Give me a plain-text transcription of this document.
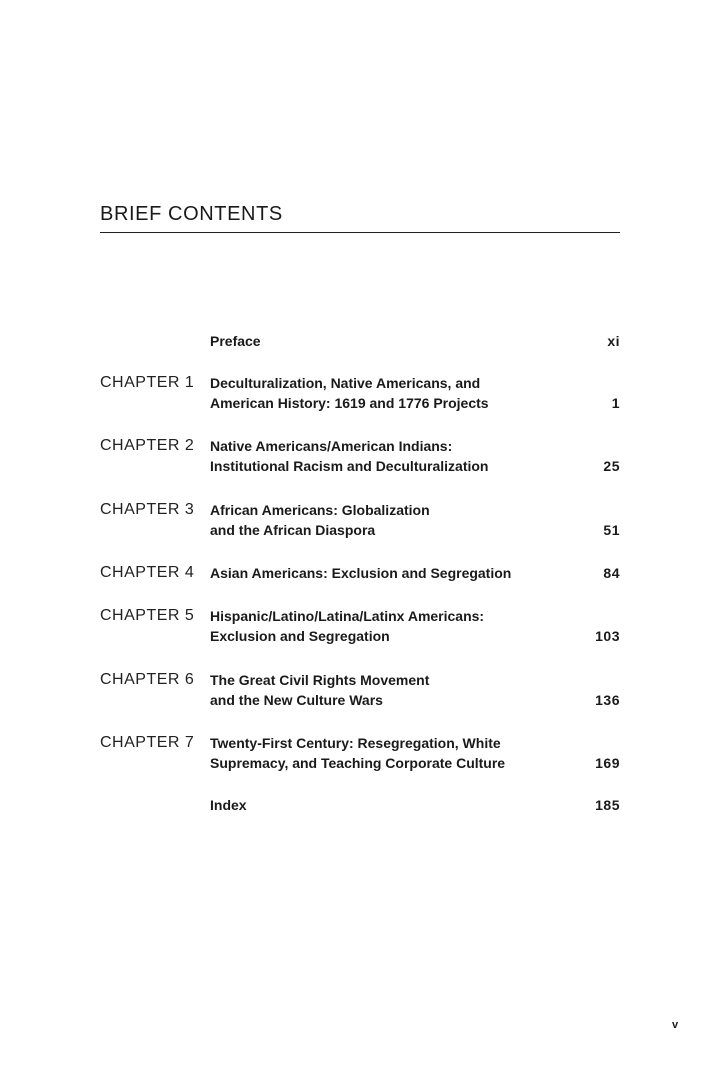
BRIEF CONTENTS
Preface	xi
CHAPTER 1 Deculturalization, Native Americans, and
American History: 1619 and 1776 Projects	1
CHAPTER 2 Native Americans/American Indians:
Institutional Racism and Deculturalization	25
CHAPTER 3 African Americans: Globalization
and the African Diaspora	51
CHAPTER 4 Asian Americans: Exclusion and Segregation	84
CHAPTER 5 Hispanic/Latino/Latina/Latinx Americans:
Exclusion and Segregation	103
CHAPTER 6 The Great Civil Rights Movement
and the New Culture Wars	136
CHAPTER 7 Twenty-First Century: Resegregation, White
Supremacy, and Teaching Corporate Culture	169
Index	185
v
